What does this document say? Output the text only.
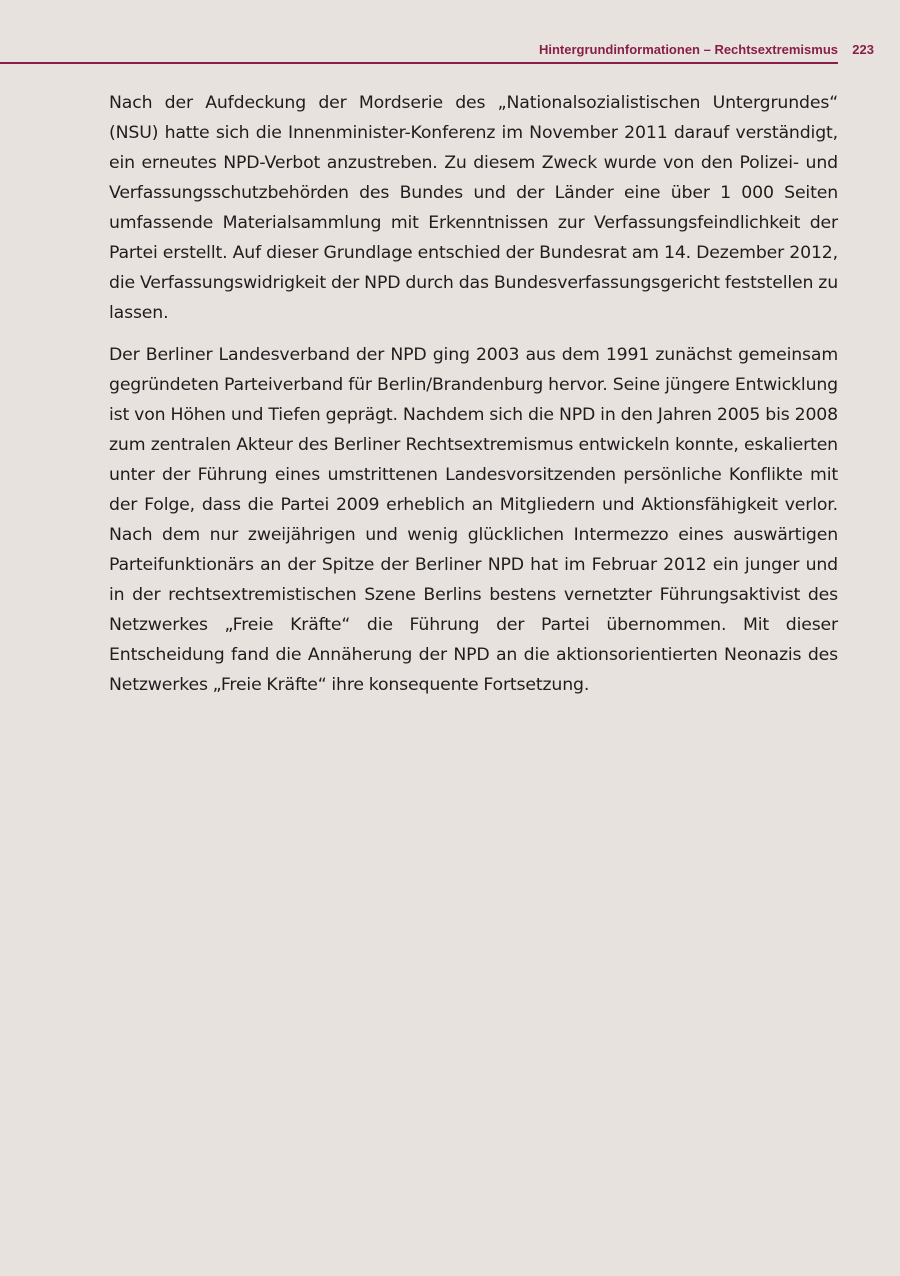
Hintergrundinformationen – Rechtsextremismus 223

Nach der Aufdeckung der Mordserie des „Nationalsozialistischen Untergrundes“ (NSU) hatte sich die Innenminister-Konferenz im November 2011 darauf verständigt, ein erneutes NPD-Verbot anzustreben. Zu diesem Zweck wurde von den Polizei- und Verfassungsschutzbehörden des Bundes und der Länder eine über 1 000 Seiten umfassende Materialsammlung mit Erkenntnissen zur Verfassungsfeindlichkeit der Partei erstellt. Auf dieser Grundlage entschied der Bundesrat am 14. Dezember 2012, die Verfassungswidrigkeit der NPD durch das Bundesverfassungsgericht feststellen zu lassen.

Der Berliner Landesverband der NPD ging 2003 aus dem 1991 zunächst gemeinsam gegründeten Parteiverband für Berlin/Brandenburg hervor. Seine jüngere Entwicklung ist von Höhen und Tiefen geprägt. Nachdem sich die NPD in den Jahren 2005 bis 2008 zum zentralen Akteur des Berliner Rechtsextremismus entwickeln konnte, eskalierten unter der Führung eines umstrittenen Landesvorsitzenden persönliche Konflikte mit der Folge, dass die Partei 2009 erheblich an Mitgliedern und Aktionsfähigkeit verlor. Nach dem nur zweijährigen und wenig glücklichen Intermezzo eines auswärtigen Parteifunktionärs an der Spitze der Berliner NPD hat im Februar 2012 ein junger und in der rechtsextremistischen Szene Berlins bestens vernetzter Führungsaktivist des Netzwerkes „Freie Kräfte“ die Führung der Partei übernommen. Mit dieser Entscheidung fand die Annäherung der NPD an die aktionsorientierten Neonazis des Netzwerkes „Freie Kräfte“ ihre konsequente Fortsetzung.
